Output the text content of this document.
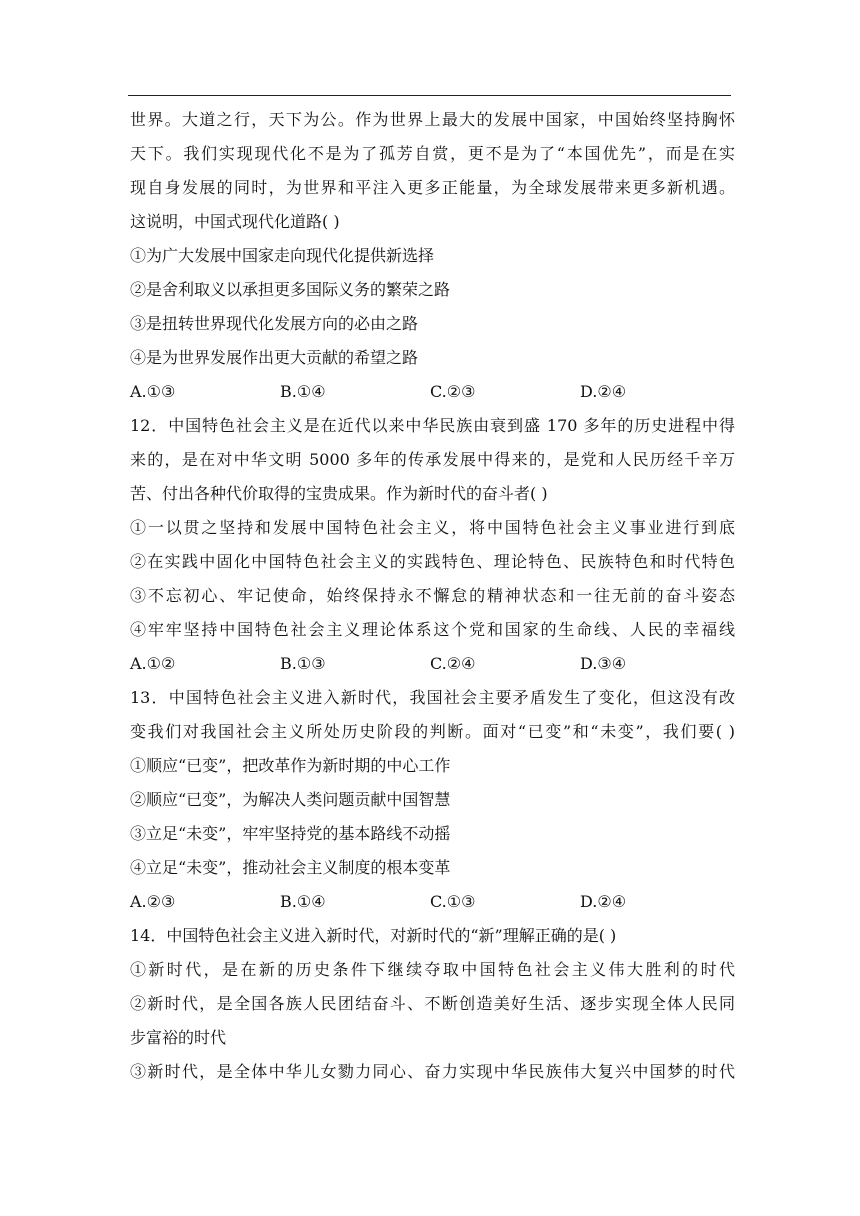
世界。大道之行，天下为公。作为世界上最大的发展中国家，中国始终坚持胸怀
天下。我们实现现代化不是为了孤芳自赏，更不是为了“本国优先”，而是在实
现自身发展的同时，为世界和平注入更多正能量，为全球发展带来更多新机遇。
这说明，中国式现代化道路( )
①为广大发展中国家走向现代化提供新选择
②是舍利取义以承担更多国际义务的繁荣之路
③是扭转世界现代化发展方向的必由之路
④是为世界发展作出更大贡献的希望之路
A.①③	B.①④	C.②③	D.②④
12．中国特色社会主义是在近代以来中华民族由衰到盛 170 多年的历史进程中得
来的，是在对中华文明 5000 多年的传承发展中得来的，是党和人民历经千辛万
苦、付出各种代价取得的宝贵成果。作为新时代的奋斗者( )
①一以贯之坚持和发展中国特色社会主义，将中国特色社会主义事业进行到底
②在实践中固化中国特色社会主义的实践特色、理论特色、民族特色和时代特色
③不忘初心、牢记使命，始终保持永不懈怠的精神状态和一往无前的奋斗姿态
④牢牢坚持中国特色社会主义理论体系这个党和国家的生命线、人民的幸福线
A.①②	B.①③	C.②④	D.③④
13．中国特色社会主义进入新时代，我国社会主要矛盾发生了变化，但这没有改
变我们对我国社会主义所处历史阶段的判断。面对“已变”和“未变”，我们要( )
①顺应“已变”，把改革作为新时期的中心工作
②顺应“已变”，为解决人类问题贡献中国智慧
③立足“未变”，牢牢坚持党的基本路线不动摇
④立足“未变”，推动社会主义制度的根本变革
A.②③	B.①④	C.①③	D.②④
14．中国特色社会主义进入新时代，对新时代的“新”理解正确的是( )
①新时代，是在新的历史条件下继续夺取中国特色社会主义伟大胜利的时代
②新时代，是全国各族人民团结奋斗、不断创造美好生活、逐步实现全体人民同
步富裕的时代
③新时代，是全体中华儿女勠力同心、奋力实现中华民族伟大复兴中国梦的时代
